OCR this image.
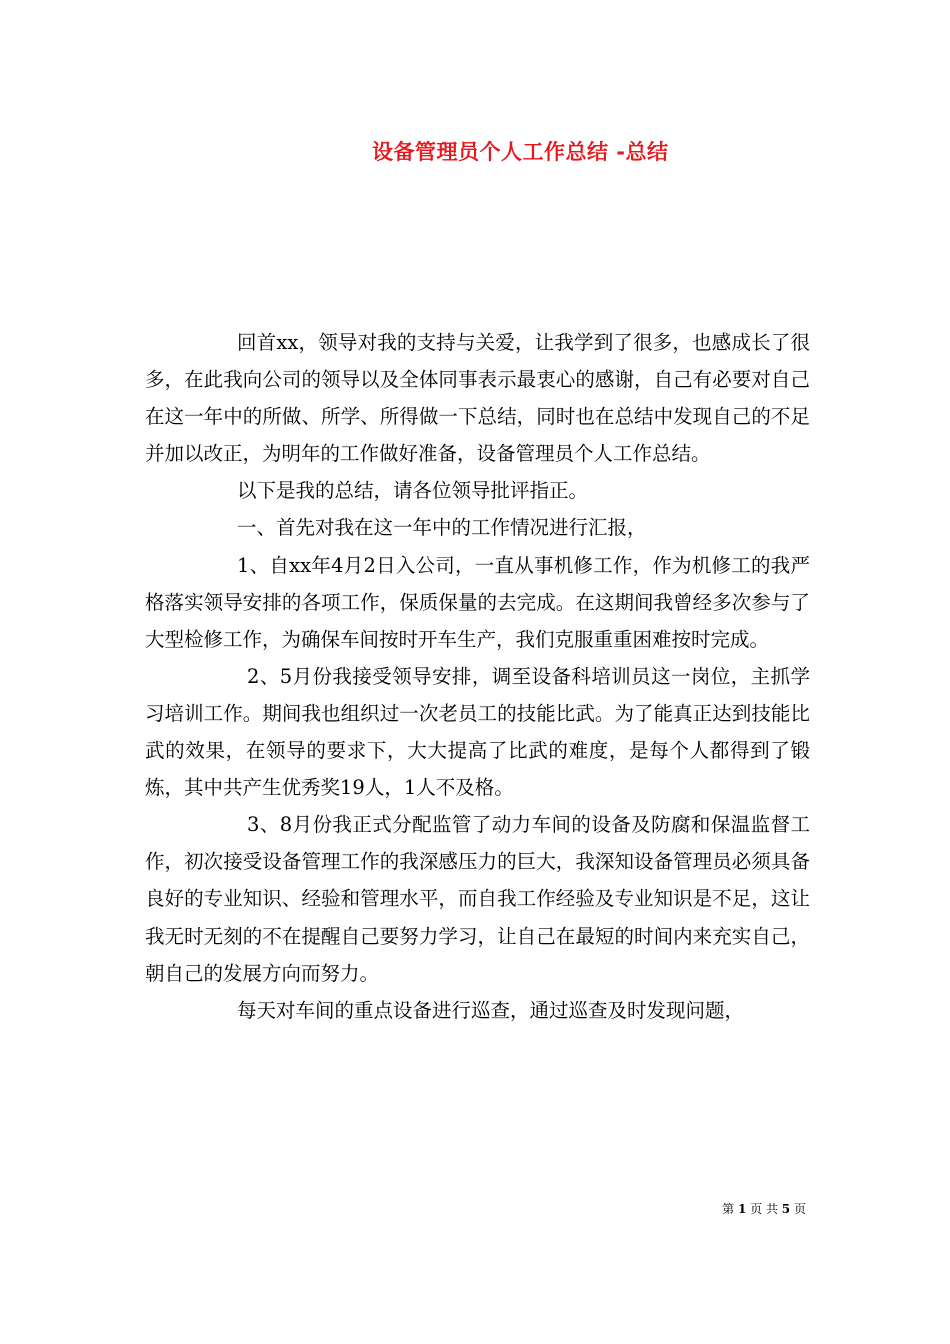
设备管理员个人工作总结 -总结

回首xx，领导对我的支持与关爱，让我学到了很多，也感成长了很多，在此我向公司的领导以及全体同事表示最衷心的感谢，自己有必要对自己在这一年中的所做、所学、所得做一下总结，同时也在总结中发现自己的不足并加以改正，为明年的工作做好准备，设备管理员个人工作总结。

以下是我的总结，请各位领导批评指正。

一、首先对我在这一年中的工作情况进行汇报，

1、自xx年4月2日入公司，一直从事机修工作，作为机修工的我严格落实领导安排的各项工作，保质保量的去完成。在这期间我曾经多次参与了大型检修工作，为确保车间按时开车生产，我们克服重重困难按时完成。

2、5月份我接受领导安排，调至设备科培训员这一岗位，主抓学习培训工作。期间我也组织过一次老员工的技能比武。为了能真正达到技能比武的效果，在领导的要求下，大大提高了比武的难度，是每个人都得到了锻炼，其中共产生优秀奖19人，1人不及格。

3、8月份我正式分配监管了动力车间的设备及防腐和保温监督工作，初次接受设备管理工作的我深感压力的巨大，我深知设备管理员必须具备良好的专业知识、经验和管理水平，而自我工作经验及专业知识是不足，这让我无时无刻的不在提醒自己要努力学习，让自己在最短的时间内来充实自己，朝自己的发展方向而努力。

每天对车间的重点设备进行巡查，通过巡查及时发现问题，

第 1 页 共 5 页
